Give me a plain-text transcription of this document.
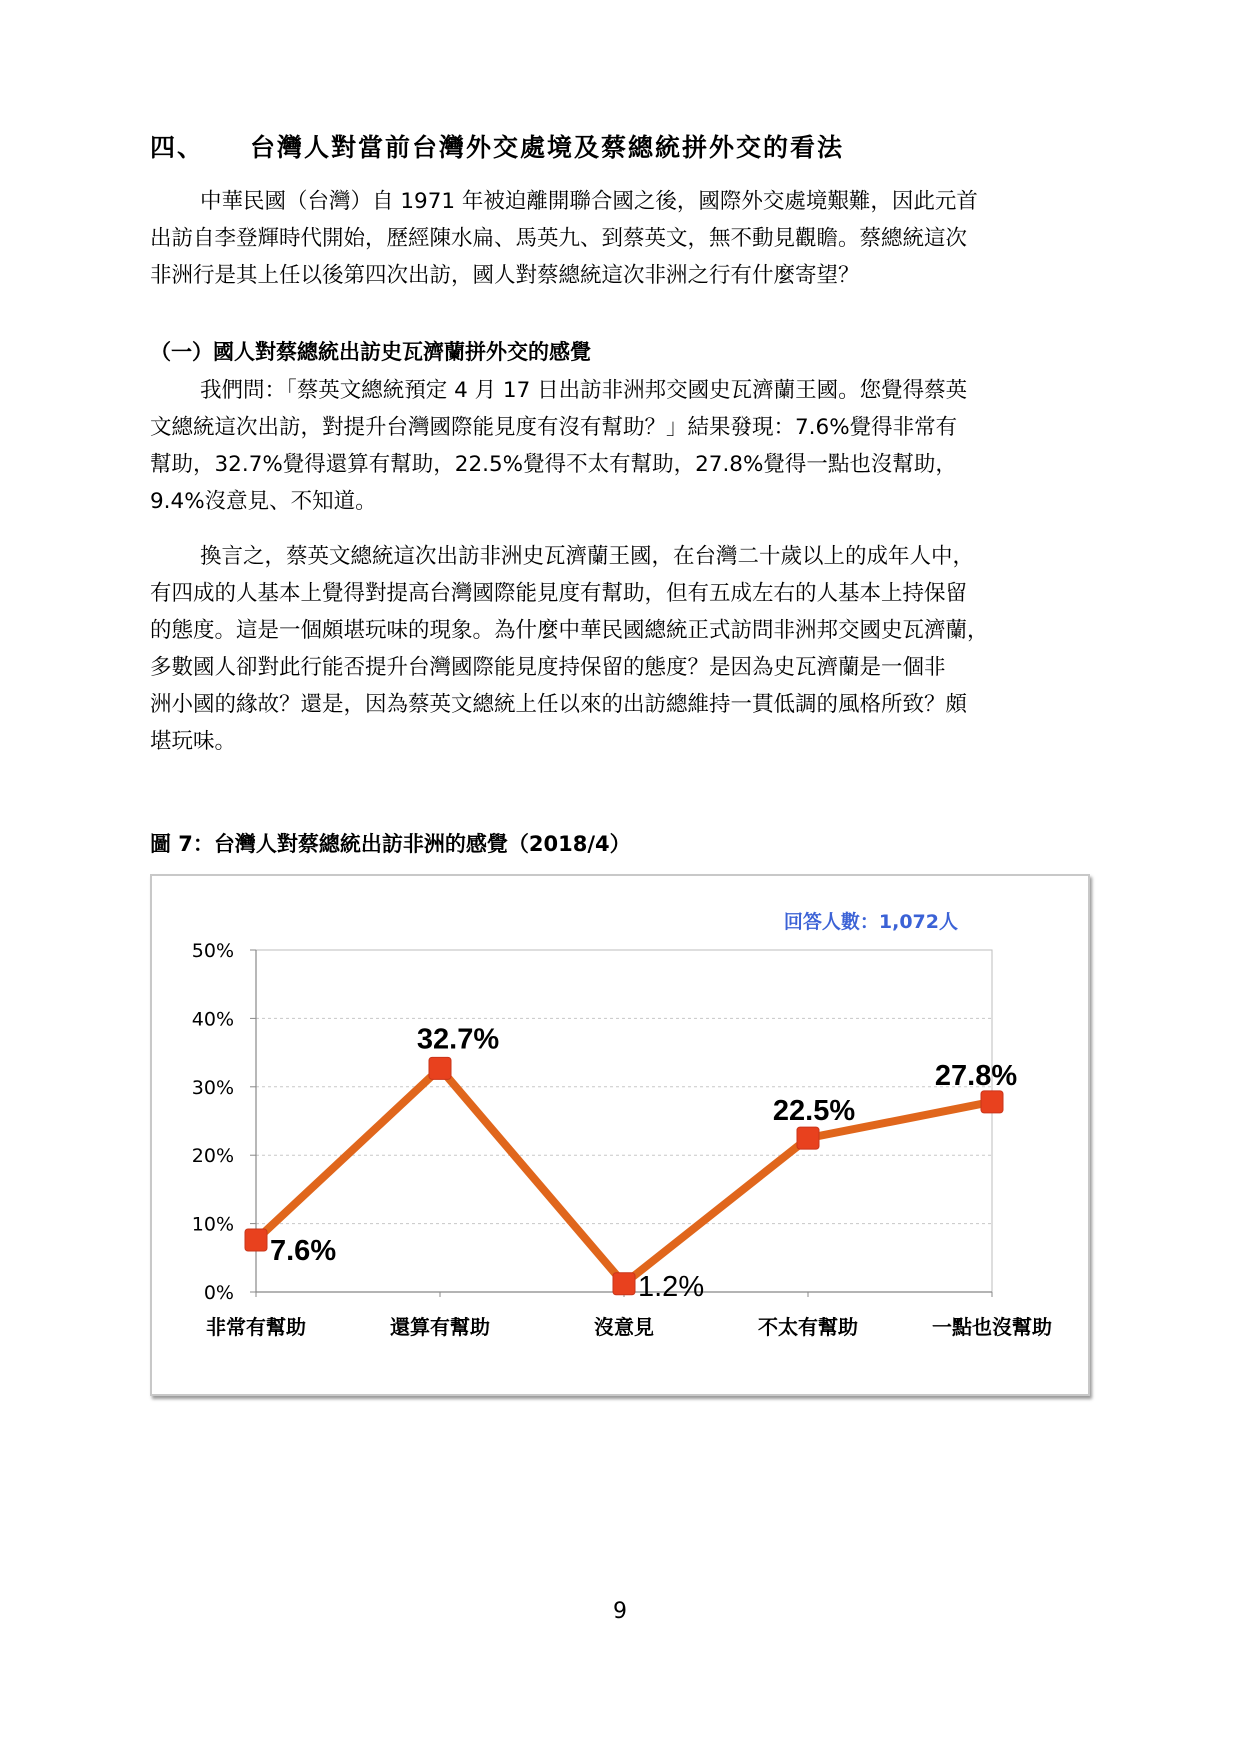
四、 台灣人對當前台灣外交處境及蔡總統拼外交的看法

中華民國（台灣）自 1971 年被迫離開聯合國之後，國際外交處境艱難，因此元首
出訪自李登輝時代開始，歷經陳水扁、馬英九、到蔡英文，無不動見觀瞻。蔡總統這次
非洲行是其上任以後第四次出訪，國人對蔡總統這次非洲之行有什麼寄望？

（一）國人對蔡總統出訪史瓦濟蘭拼外交的感覺

我們問：「蔡英文總統預定 4 月 17 日出訪非洲邦交國史瓦濟蘭王國。您覺得蔡英
文總統這次出訪，對提升台灣國際能見度有沒有幫助？」結果發現：7.6%覺得非常有
幫助，32.7%覺得還算有幫助，22.5%覺得不太有幫助，27.8%覺得一點也沒幫助，
9.4%沒意見、不知道。

換言之，蔡英文總統這次出訪非洲史瓦濟蘭王國，在台灣二十歲以上的成年人中，
有四成的人基本上覺得對提高台灣國際能見度有幫助，但有五成左右的人基本上持保留
的態度。這是一個頗堪玩味的現象。為什麼中華民國總統正式訪問非洲邦交國史瓦濟蘭，
多數國人卻對此行能否提升台灣國際能見度持保留的態度？是因為史瓦濟蘭是一個非
洲小國的緣故？還是，因為蔡英文總統上任以來的出訪總維持一貫低調的風格所致？頗
堪玩味。

圖 7：台灣人對蔡總統出訪非洲的感覺（2018/4）
0%
10%
20%
30%
40%
50%
非常有幫助	還算有幫助	沒意見	不太有幫助	一點也沒幫助
7.6%
32.7%
1.2%
22.5%
27.8%
回答人數：1,072人
9
